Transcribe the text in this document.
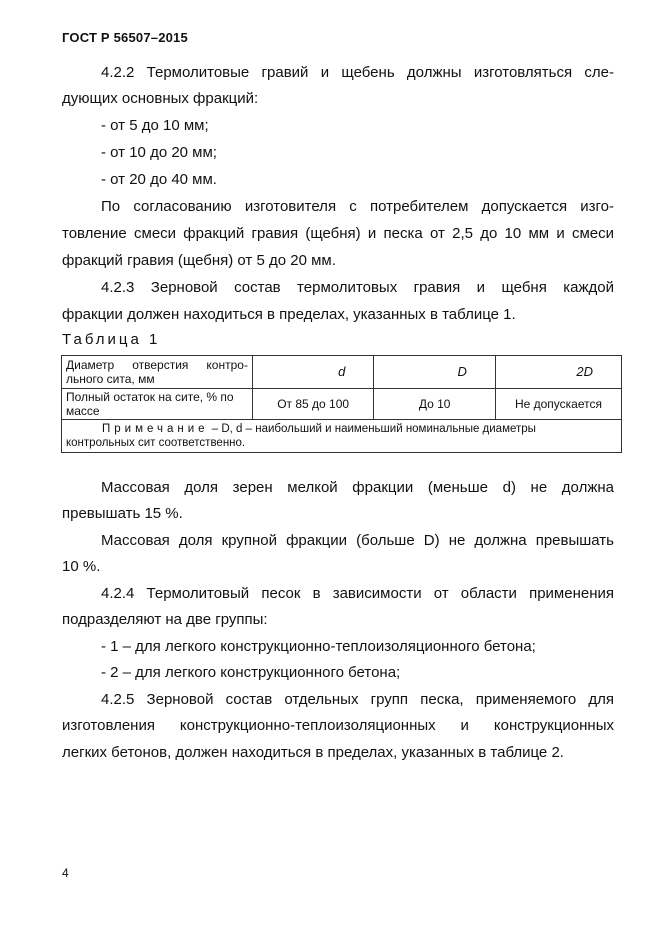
ГОСТ Р 56507–2015
4.2.2 Термолитовые гравий и щебень должны изготовляться сле-
дующих основных фракций:
- от 5 до 10 мм;
- от 10 до 20 мм;
- от 20 до 40 мм.
По согласованию изготовителя с потребителем допускается изго-
товление смеси фракций гравия (щебня) и песка от 2,5 до 10 мм и смеси
фракций гравия (щебня) от 5 до 20 мм.
4.2.3 Зерновой состав термолитовых гравия и щебня каждой
фракции должен находиться в пределах, указанных в таблице 1.
Таблица 1
Диаметр отверстия контро-
льного сита, мм	d	D	2D

Полный остаток на сите, % по
массе	От 85 до 100	До 10	Не допускается

Примечание – D, d – наибольший и наименьший номинальные диаметры
контрольных сит соответственно.			
Массовая доля зерен мелкой фракции (меньше d) не должна
превышать 15 %.
Массовая доля крупной фракции (больше D) не должна превышать
10 %.
4.2.4 Термолитовый песок в зависимости от области применения
подразделяют на две группы:
- 1 – для легкого конструкционно-теплоизоляционного бетона;
- 2 – для легкого конструкционного бетона;
4.2.5 Зерновой состав отдельных групп песка, применяемого для
изготовления конструкционно-теплоизоляционных и конструкционных
легких бетонов, должен находиться в пределах, указанных в таблице 2.
4
